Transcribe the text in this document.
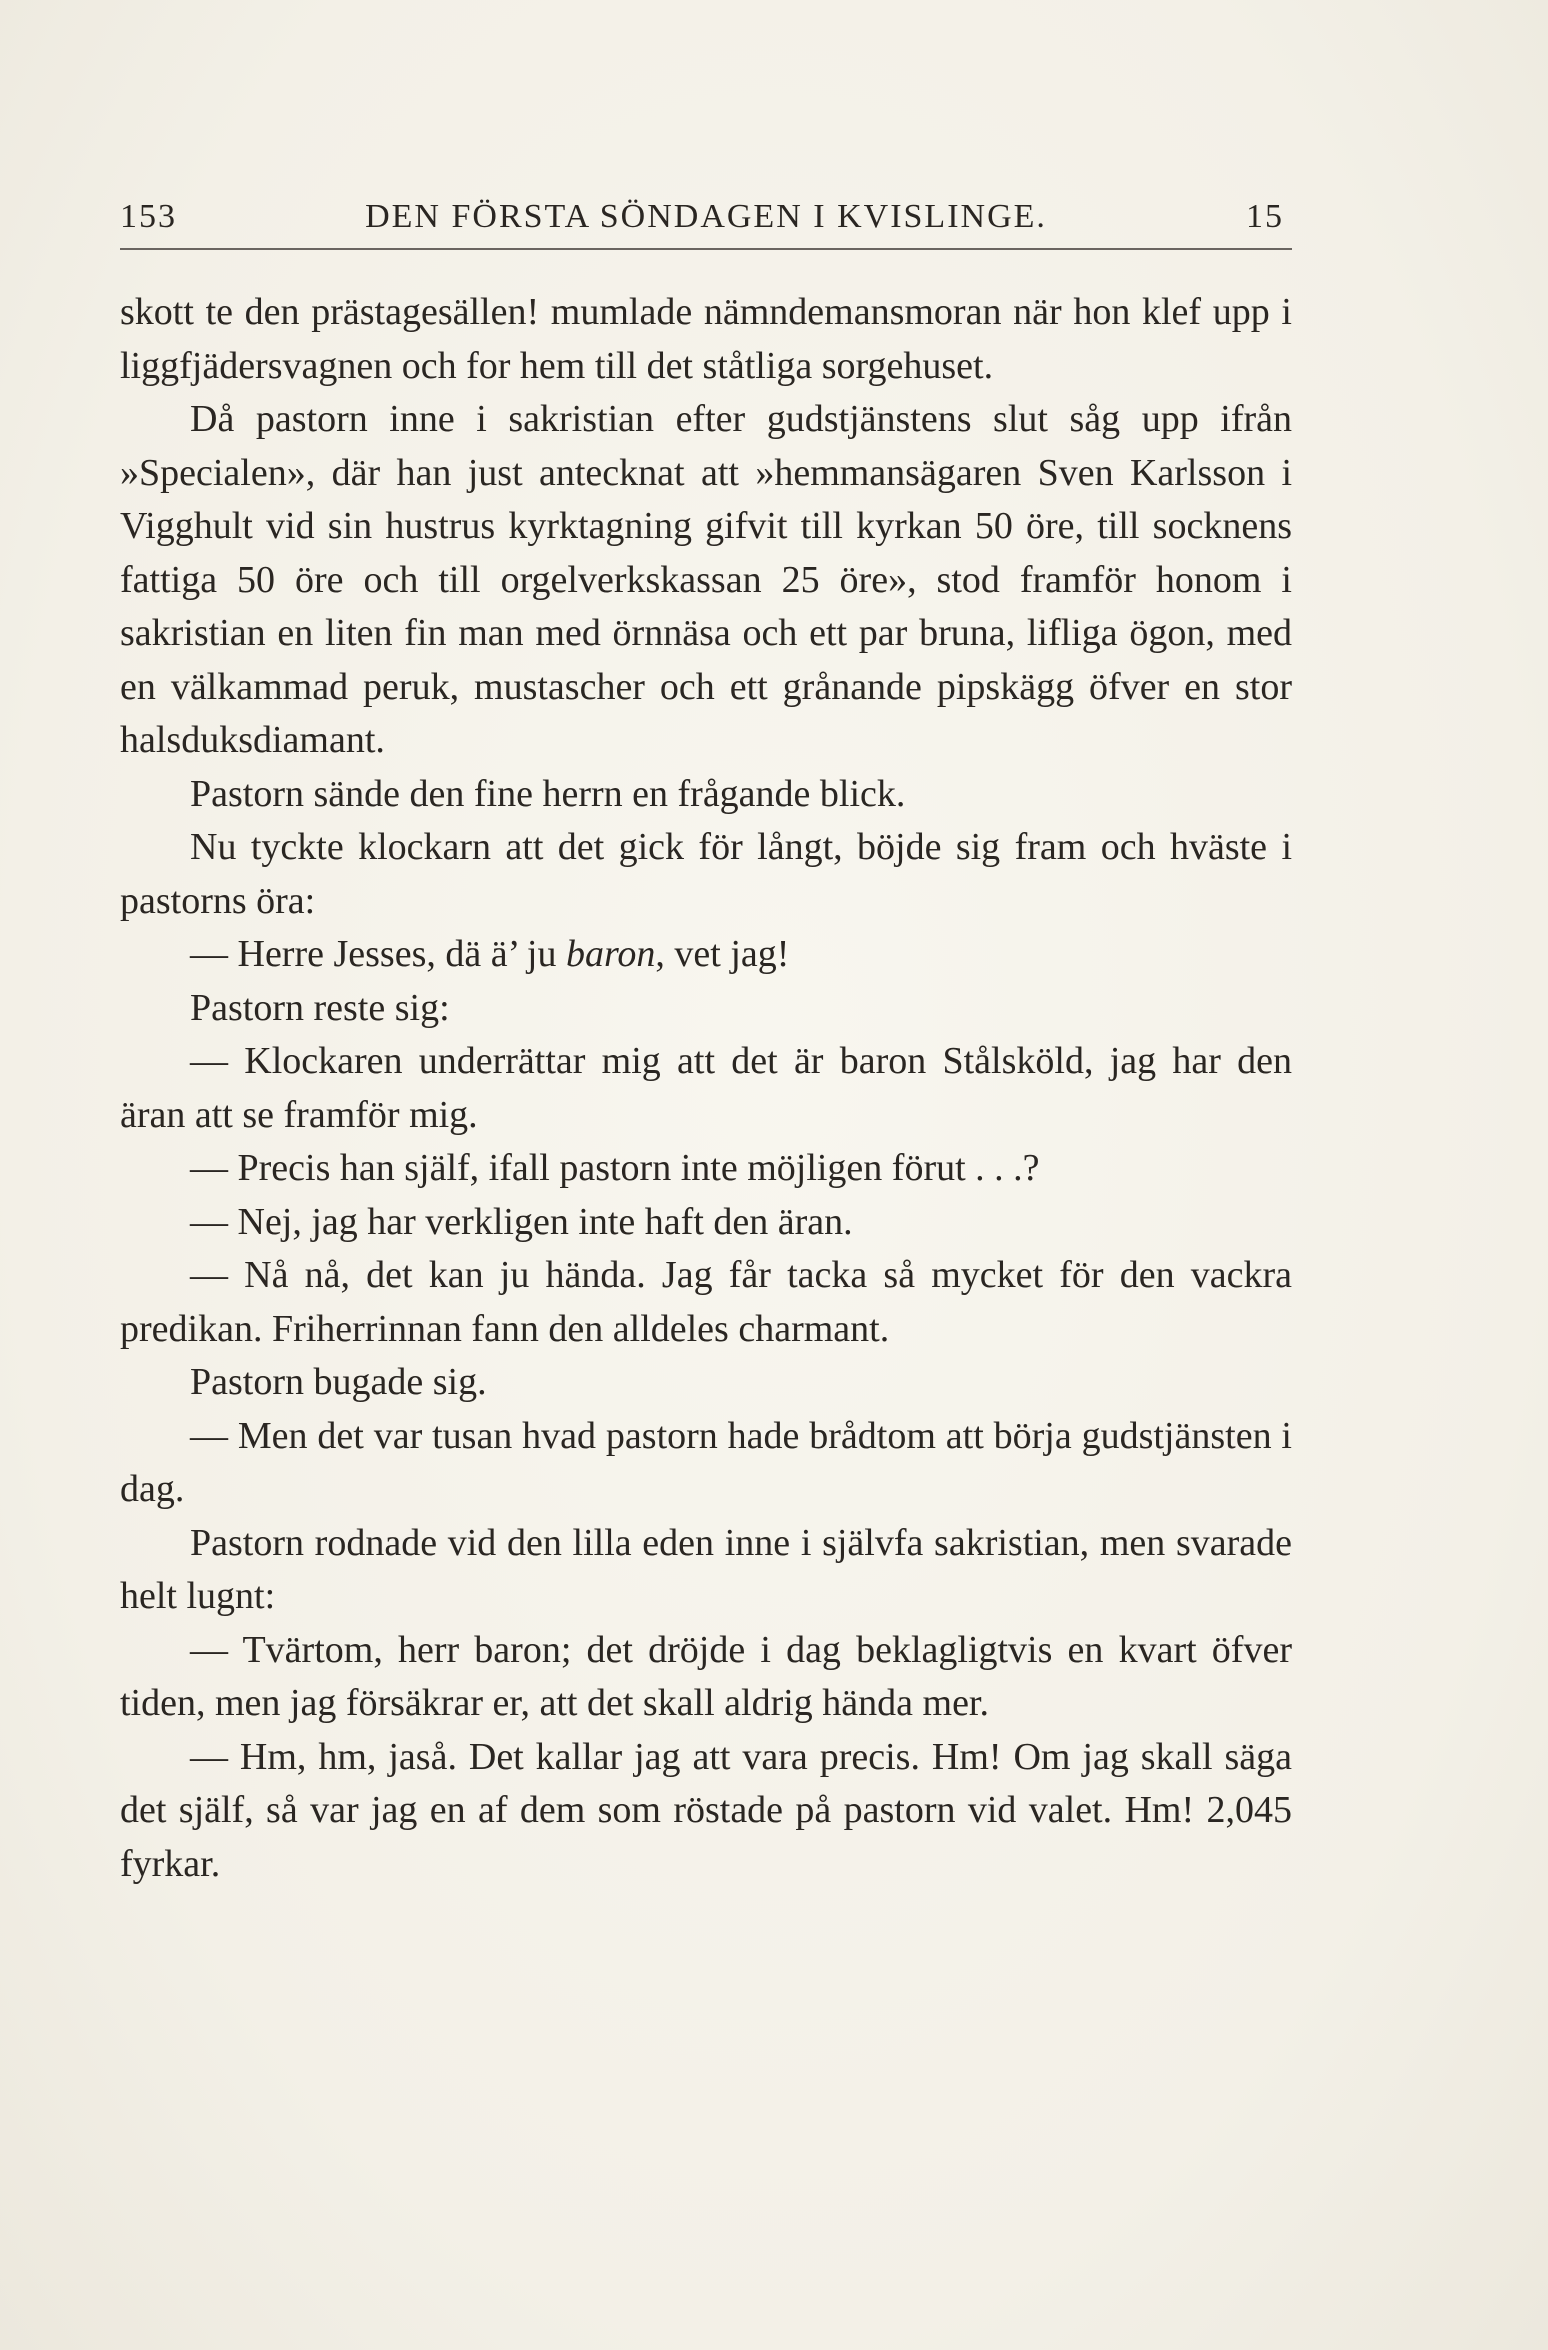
153	DEN FÖRSTA SÖNDAGEN I KVISLINGE.	15

skott te den prästagesällen! mumlade nämndemansmoran när hon klef upp i liggfjädersvagnen och for hem till det ståtliga sorgehuset.

Då pastorn inne i sakristian efter gudstjänstens slut såg upp ifrån »Specialen», där han just antecknat att »hemmansägaren Sven Karlsson i Vigghult vid sin hustrus kyrktagning gifvit till kyrkan 50 öre, till socknens fattiga 50 öre och till orgelverkskassan 25 öre», stod framför honom i sakristian en liten fin man med örnnäsa och ett par bruna, lifliga ögon, med en välkammad peruk, mustascher och ett grånande pipskägg öfver en stor halsduksdiamant.

Pastorn sände den fine herrn en frågande blick.

Nu tyckte klockarn att det gick för långt, böjde sig fram och hväste i pastorns öra:

— Herre Jesses, dä ä’ ju baron, vet jag!

Pastorn reste sig:

— Klockaren underrättar mig att det är baron Stålsköld, jag har den äran att se framför mig.

— Precis han själf, ifall pastorn inte möjligen förut . . .?

— Nej, jag har verkligen inte haft den äran.

— Nå nå, det kan ju hända. Jag får tacka så mycket för den vackra predikan. Friherrinnan fann den alldeles charmant.

Pastorn bugade sig.

— Men det var tusan hvad pastorn hade brådtom att börja gudstjänsten i dag.

Pastorn rodnade vid den lilla eden inne i självfa sakristian, men svarade helt lugnt:

— Tvärtom, herr baron; det dröjde i dag beklagligtvis en kvart öfver tiden, men jag försäkrar er, att det skall aldrig hända mer.

— Hm, hm, jaså. Det kallar jag att vara precis. Hm! Om jag skall säga det själf, så var jag en af dem som röstade på pastorn vid valet. Hm! 2,045 fyrkar.
